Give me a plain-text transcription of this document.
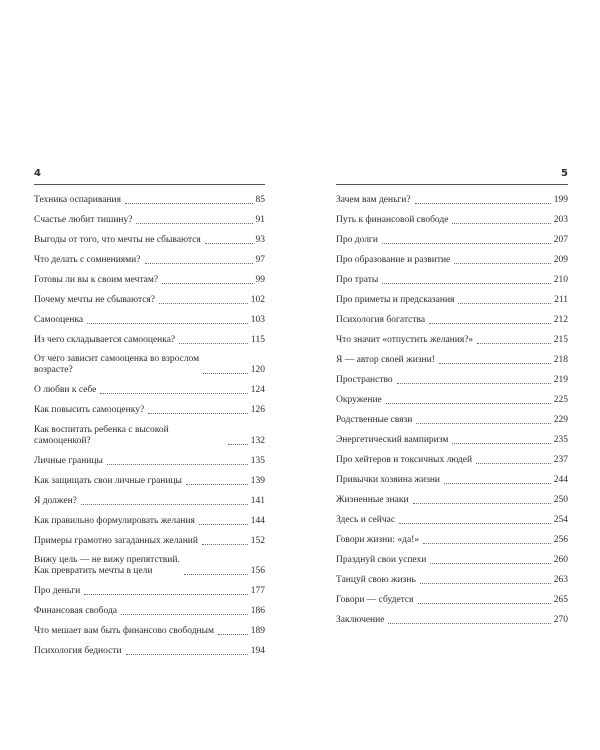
4
Техника оспаривания	85
Счастье любит тишину?	91
Выгоды от того, что мечты не сбываются	93
Что делать с сомнениями?	97
Готовы ли вы к своим мечтам?	99
Почему мечты не сбываются?	102
Самооценка	103
Из чего складывается самооценка?	115
От чего зависит самооценка во взрослом
возрасте?	120
О любви к себе	124
Как повысить самооценку?	126
Как воспитать ребенка с высокой самооценкой?	132
Личные границы	135
Как защищать свои личные границы	139
Я должен?	141
Как правильно формулировать желания	144
Примеры грамотно загаданных желаний	152
Вижу цель — не вижу препятствий.
Как превратить мечты в цели	156
Про деньги	177
Финансовая свобода	186
Что мешает вам быть финансово свободным	189
Психология бедности	194
5
Зачем вам деньги?	199
Путь к финансовой свободе	203
Про долги	207
Про образование и развитие	209
Про траты	210
Про приметы и предсказания	211
Психология богатства	212
Что значит «отпустить желания?»	215
Я — автор своей жизни!	218
Пространство	219
Окружение	225
Родственные связи	229
Энергетический вампиризм	235
Про хейтеров и токсичных людей	237
Привычки хозяина жизни	244
Жизненные знаки	250
Здесь и сейчас	254
Говори жизни: «да!»	256
Празднуй свои успехи	260
Танцуй свою жизнь	263
Говори — сбудется	265
Заключение	270
